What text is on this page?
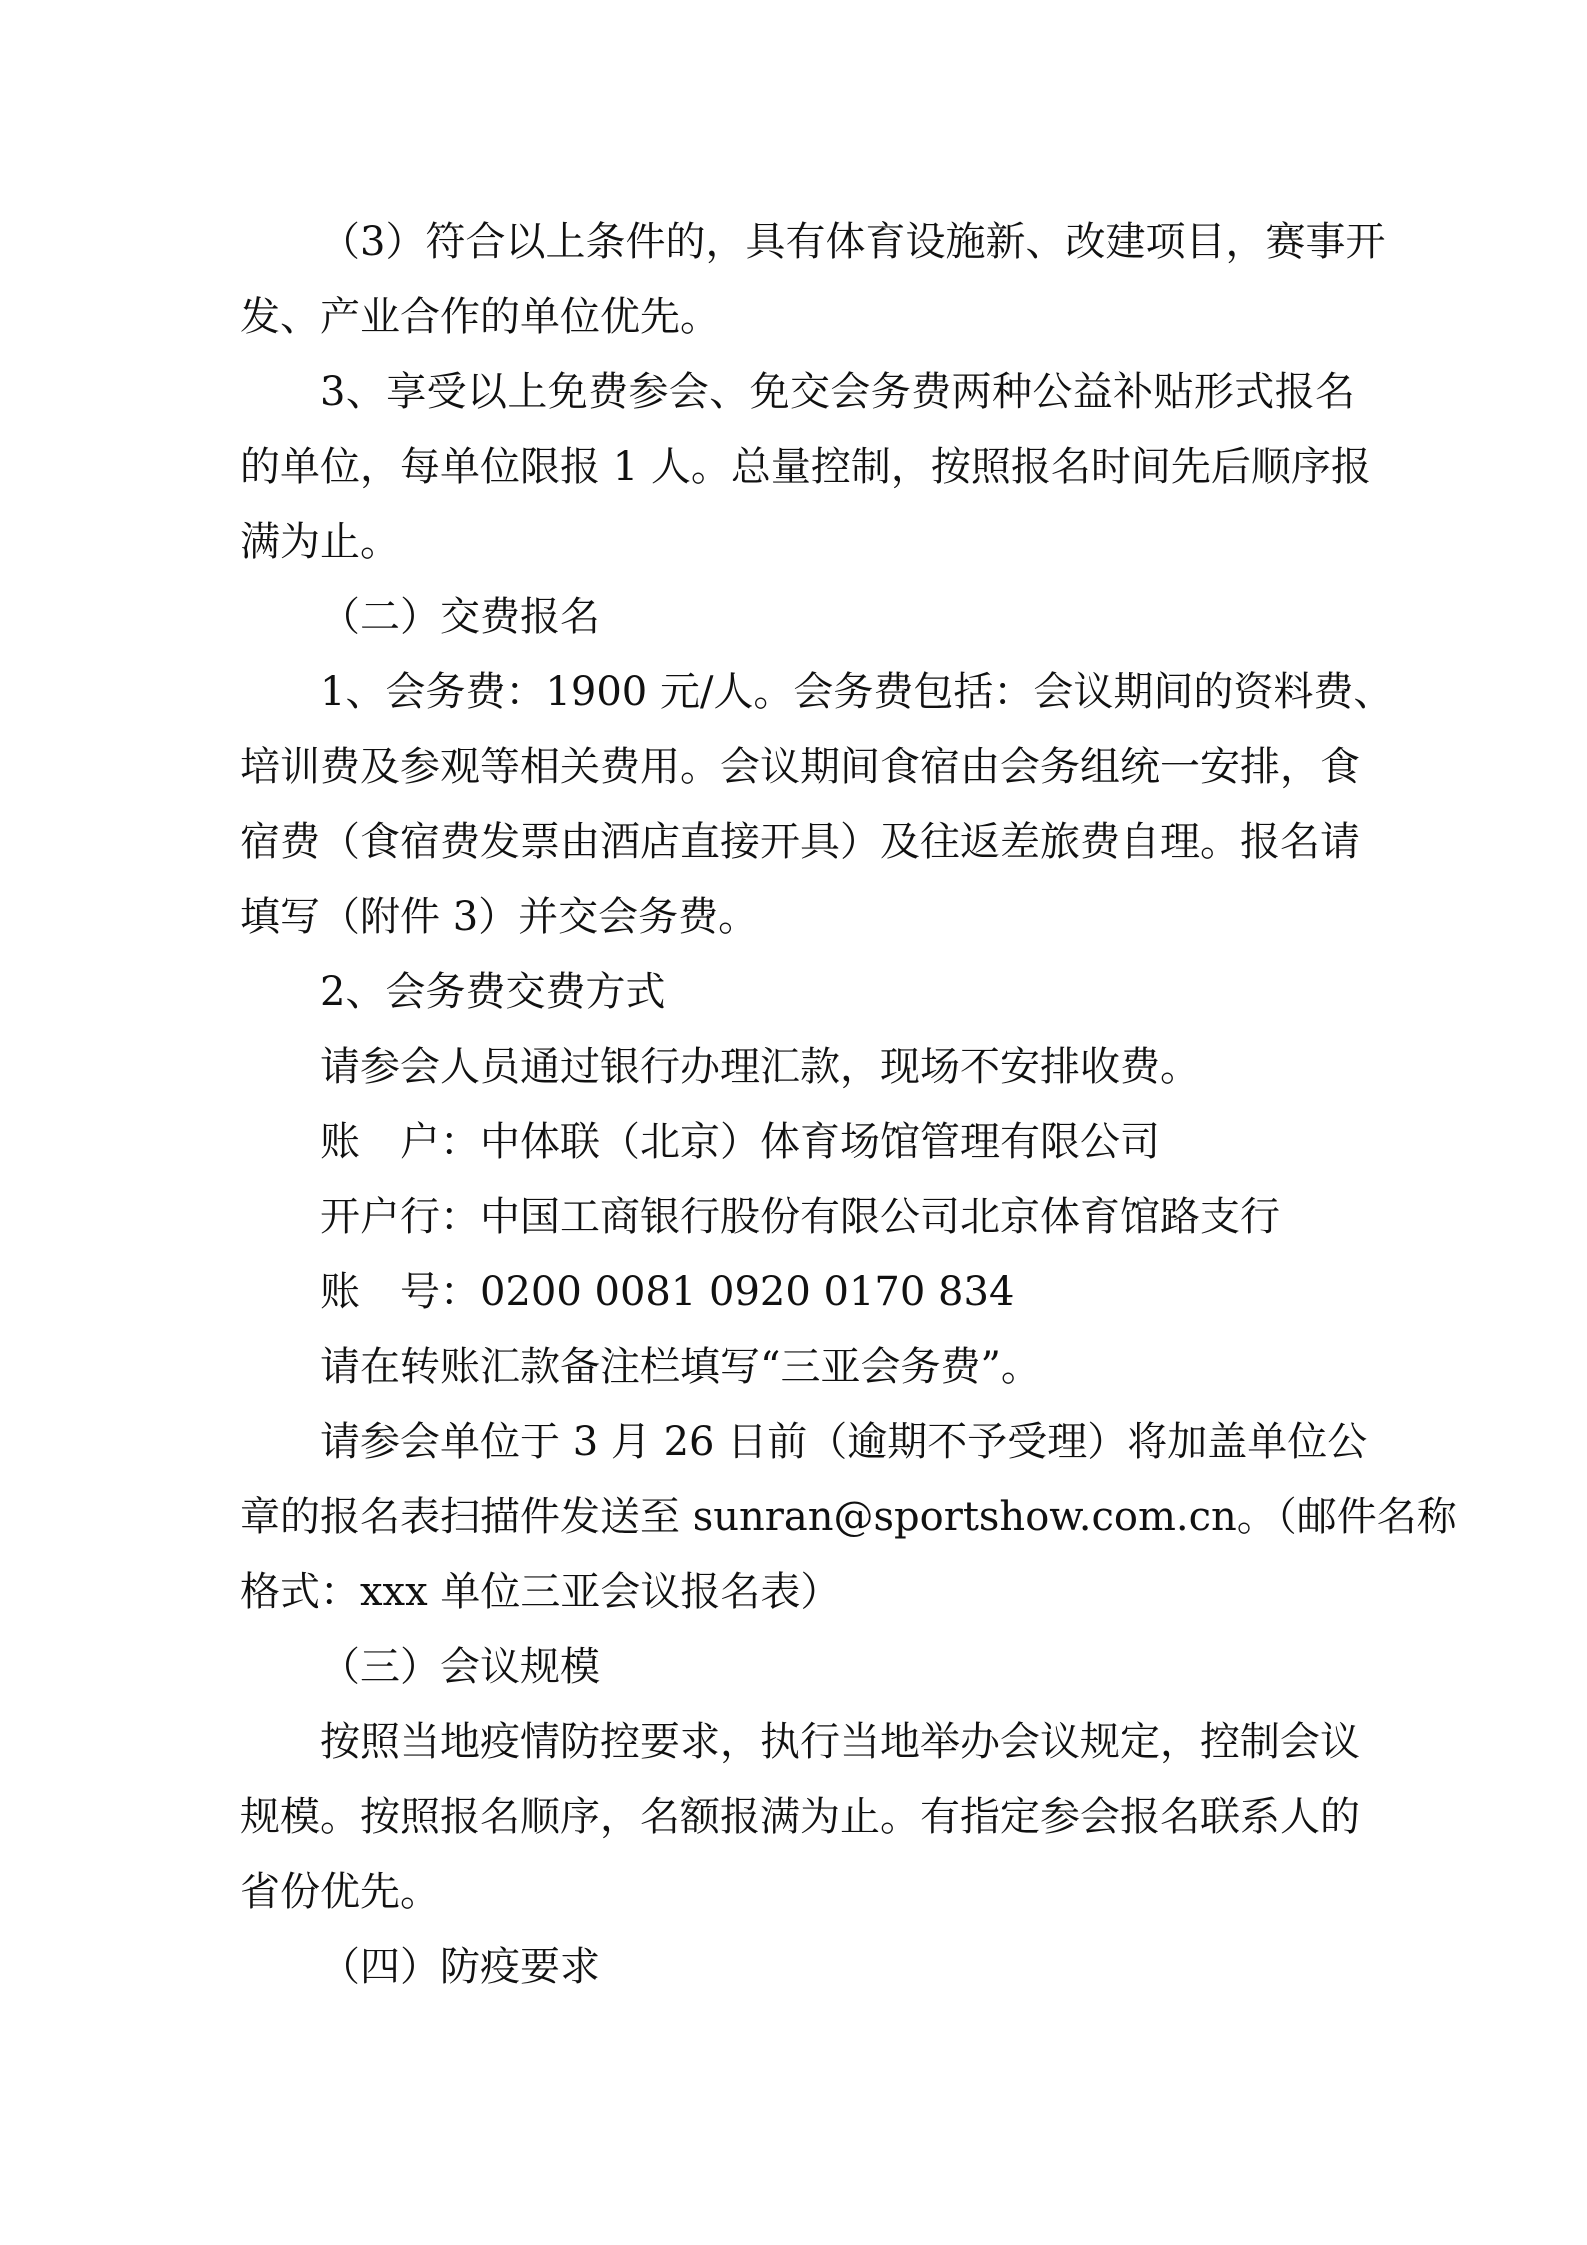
（3）符合以上条件的，具有体育设施新、改建项目，赛事开
发、产业合作的单位优先。
3、享受以上免费参会、免交会务费两种公益补贴形式报名
的单位，每单位限报 1 人。总量控制，按照报名时间先后顺序报
满为止。
（二）交费报名
1、会务费：1900 元/人。会务费包括：会议期间的资料费、
培训费及参观等相关费用。会议期间食宿由会务组统一安排，食
宿费（食宿费发票由酒店直接开具）及往返差旅费自理。报名请
填写（附件 3）并交会务费。
2、会务费交费方式
请参会人员通过银行办理汇款，现场不安排收费。
账　户：中体联（北京）体育场馆管理有限公司
开户行：中国工商银行股份有限公司北京体育馆路支行
账　号：0200 0081 0920 0170 834
请在转账汇款备注栏填写“三亚会务费”。
请参会单位于 3 月 26 日前（逾期不予受理）将加盖单位公
章的报名表扫描件发送至 sunran@sportshow.com.cn。（邮件名称
格式：xxx 单位三亚会议报名表）
（三）会议规模
按照当地疫情防控要求，执行当地举办会议规定，控制会议
规模。按照报名顺序，名额报满为止。有指定参会报名联系人的
省份优先。
（四）防疫要求
